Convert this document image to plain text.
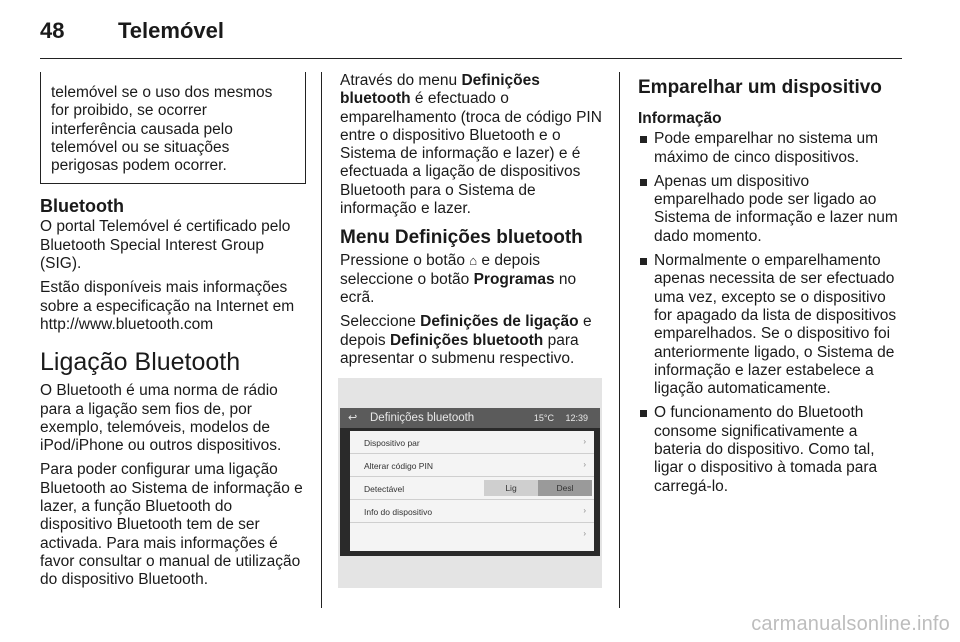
48 Telemóvel

telemóvel se o uso dos mesmos

for proibido, se ocorrer

interferência causada pelo

telemóvel ou se situações

perigosas podem ocorrer.

Bluetooth

O portal Telemóvel é certificado pelo Bluetooth Special Interest Group (SIG).

Estão disponíveis mais informações sobre a especificação na Internet em http://www.bluetooth.com

Ligação Bluetooth

O Bluetooth é uma norma de rádio para a ligação sem fios de, por exemplo, telemóveis, modelos de iPod/iPhone ou outros dispositivos.

Para poder configurar uma ligação Bluetooth ao Sistema de informação e lazer, a função Bluetooth do dispositivo Bluetooth tem de ser activada. Para mais informações é favor consultar o manual de utilização do dispositivo Bluetooth.

Através do menu Definições bluetooth é efectuado o emparelhamento (troca de código PIN entre o dispositivo Bluetooth e o Sistema de informação e lazer) e é efectuada a ligação de dispositivos Bluetooth para o Sistema de informação e lazer.

Menu Definições bluetooth

Pressione o botão ⌂ e depois seleccione o botão Programas no ecrã.

Seleccione Definições de ligação e depois Definições bluetooth para apresentar o submenu respectivo.

↩ Definições bluetooth	15°C 12:39
Dispositivo par	›
Alterar código PIN	›
Detectável	Lig	Desl
Info do dispositivo	›
›
Emparelhar um dispositivo
Informação
Pode emparelhar no sistema um máximo de cinco dispositivos.
Apenas um dispositivo emparelhado pode ser ligado ao Sistema de informação e lazer num dado momento.
Normalmente o emparelhamento apenas necessita de ser efectuado uma vez, excepto se o dispositivo for apagado da lista de dispositivos emparelhados. Se o dispositivo foi anteriormente ligado, o Sistema de informação e lazer estabelece a ligação automaticamente.
O funcionamento do Bluetooth consome significativamente a bateria do dispositivo. Como tal, ligar o dispositivo à tomada para carregá-lo.
carmanualsonline.info
